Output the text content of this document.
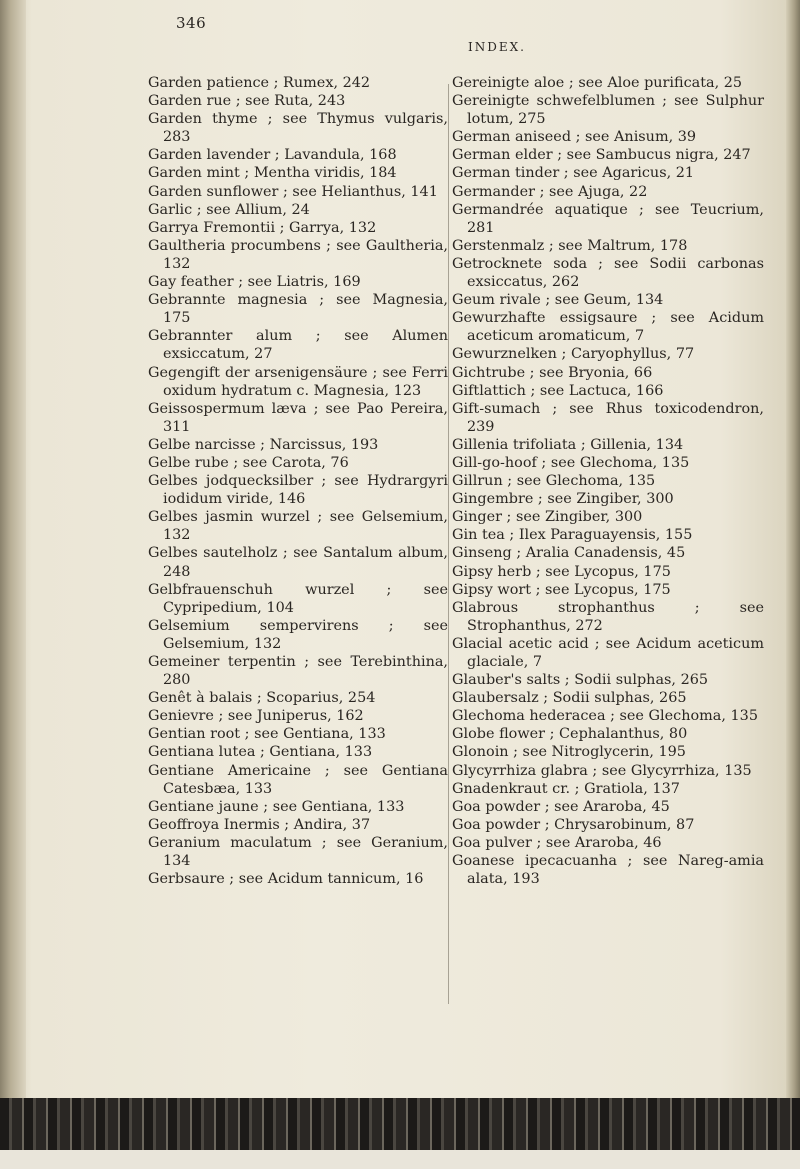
346
INDEX.

Garden patience ; Rumex, 242

Garden rue ; see Ruta, 243

Garden thyme ; see Thymus vulgaris, 283

Garden lavender ; Lavandula, 168

Garden mint ; Mentha viridis, 184

Garden sunflower ; see Helianthus, 141

Garlic ; see Allium, 24

Garrya Fremontii ; Garrya, 132

Gaultheria procumbens ; see Gaultheria, 132

Gay feather ; see Liatris, 169

Gebrannte magnesia ; see Magnesia, 175

Gebrannter alum ; see Alumen exsiccatum, 27

Gegengift der arsenigensäure ; see Ferri oxidum hydratum c. Magnesia, 123

Geissospermum læva ; see Pao Pereira, 311

Gelbe narcisse ; Narcissus, 193

Gelbe rube ; see Carota, 76

Gelbes jodquecksilber ; see Hydrargyri iodidum viride, 146

Gelbes jasmin wurzel ; see Gelsemium, 132

Gelbes sautelholz ; see Santalum album, 248

Gelbfrauenschuh wurzel ; see Cypripedium, 104

Gelsemium sempervirens ; see Gelsemium, 132

Gemeiner terpentin ; see Terebinthina, 280

Genêt à balais ; Scoparius, 254

Genievre ; see Juniperus, 162

Gentian root ; see Gentiana, 133

Gentiana lutea ; Gentiana, 133

Gentiane Americaine ; see Gentiana Catesbæa, 133

Gentiane jaune ; see Gentiana, 133

Geoffroya Inermis ; Andira, 37

Geranium maculatum ; see Geranium, 134

Gerbsaure ; see Acidum tannicum, 16

Gereinigte aloe ; see Aloe purificata, 25

Gereinigte schwefelblumen ; see Sulphur lotum, 275

German aniseed ; see Anisum, 39

German elder ; see Sambucus nigra, 247

German tinder ; see Agaricus, 21

Germander ; see Ajuga, 22

Germandrée aquatique ; see Teucrium, 281

Gerstenmalz ; see Maltrum, 178

Getrocknete soda ; see Sodii carbonas exsiccatus, 262

Geum rivale ; see Geum, 134

Gewurzhafte essigsaure ; see Acidum aceticum aromaticum, 7

Gewurznelken ; Caryophyllus, 77

Gichtrube ; see Bryonia, 66

Giftlattich ; see Lactuca, 166

Gift-sumach ; see Rhus toxicodendron, 239

Gillenia trifoliata ; Gillenia, 134

Gill-go-hoof ; see Glechoma, 135

Gillrun ; see Glechoma, 135

Gingembre ; see Zingiber, 300

Ginger ; see Zingiber, 300

Gin tea ; Ilex Paraguayensis, 155

Ginseng ; Aralia Canadensis, 45

Gipsy herb ; see Lycopus, 175

Gipsy wort ; see Lycopus, 175

Glabrous strophanthus ; see Strophanthus, 272

Glacial acetic acid ; see Acidum aceticum glaciale, 7

Glauber's salts ; Sodii sulphas, 265

Glaubersalz ; Sodii sulphas, 265

Glechoma hederacea ; see Glechoma, 135

Globe flower ; Cephalanthus, 80

Glonoin ; see Nitroglycerin, 195

Glycyrrhiza glabra ; see Glycyrrhiza, 135

Gnadenkraut cr. ; Gratiola, 137

Goa powder ; see Araroba, 45

Goa powder ; Chrysarobinum, 87

Goa pulver ; see Araroba, 46

Goanese ipecacuanha ; see Nareg-amia alata, 193
